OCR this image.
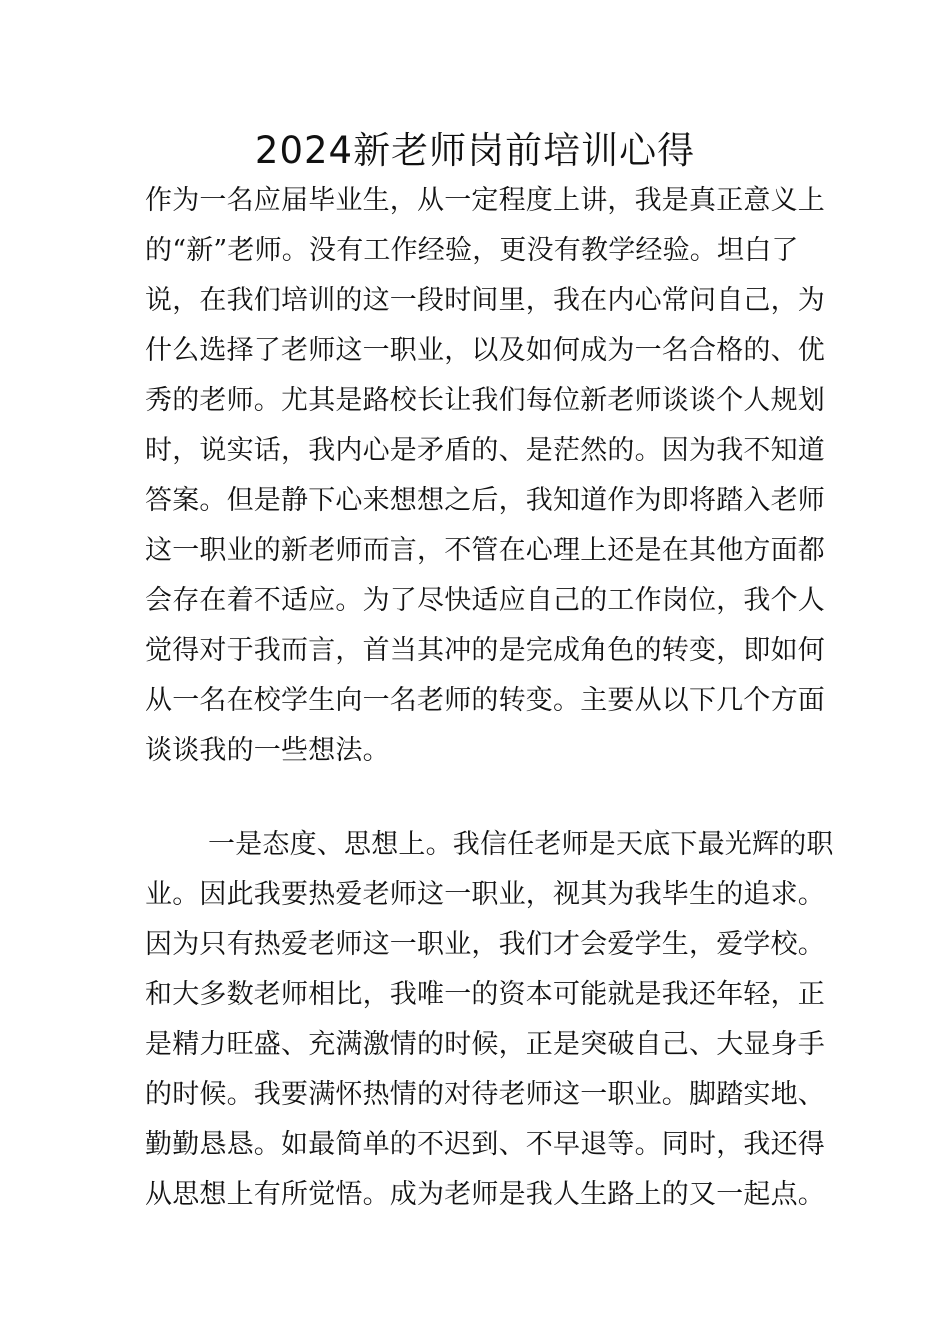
2024新老师岗前培训心得
作为一名应届毕业生，从一定程度上讲，我是真正意义上
的“新”老师。没有工作经验，更没有教学经验。坦白了
说，在我们培训的这一段时间里，我在内心常问自己，为
什么选择了老师这一职业，以及如何成为一名合格的、优
秀的老师。尤其是路校长让我们每位新老师谈谈个人规划
时，说实话，我内心是矛盾的、是茫然的。因为我不知道
答案。但是静下心来想想之后，我知道作为即将踏入老师
这一职业的新老师而言，不管在心理上还是在其他方面都
会存在着不适应。为了尽快适应自己的工作岗位，我个人
觉得对于我而言，首当其冲的是完成角色的转变，即如何
从一名在校学生向一名老师的转变。主要从以下几个方面
谈谈我的一些想法。
一是态度、思想上。我信任老师是天底下最光辉的职
业。因此我要热爱老师这一职业，视其为我毕生的追求。
因为只有热爱老师这一职业，我们才会爱学生，爱学校。
和大多数老师相比，我唯一的资本可能就是我还年轻，正
是精力旺盛、充满激情的时候，正是突破自己、大显身手
的时候。我要满怀热情的对待老师这一职业。脚踏实地、
勤勤恳恳。如最简单的不迟到、不早退等。同时，我还得
从思想上有所觉悟。成为老师是我人生路上的又一起点。
